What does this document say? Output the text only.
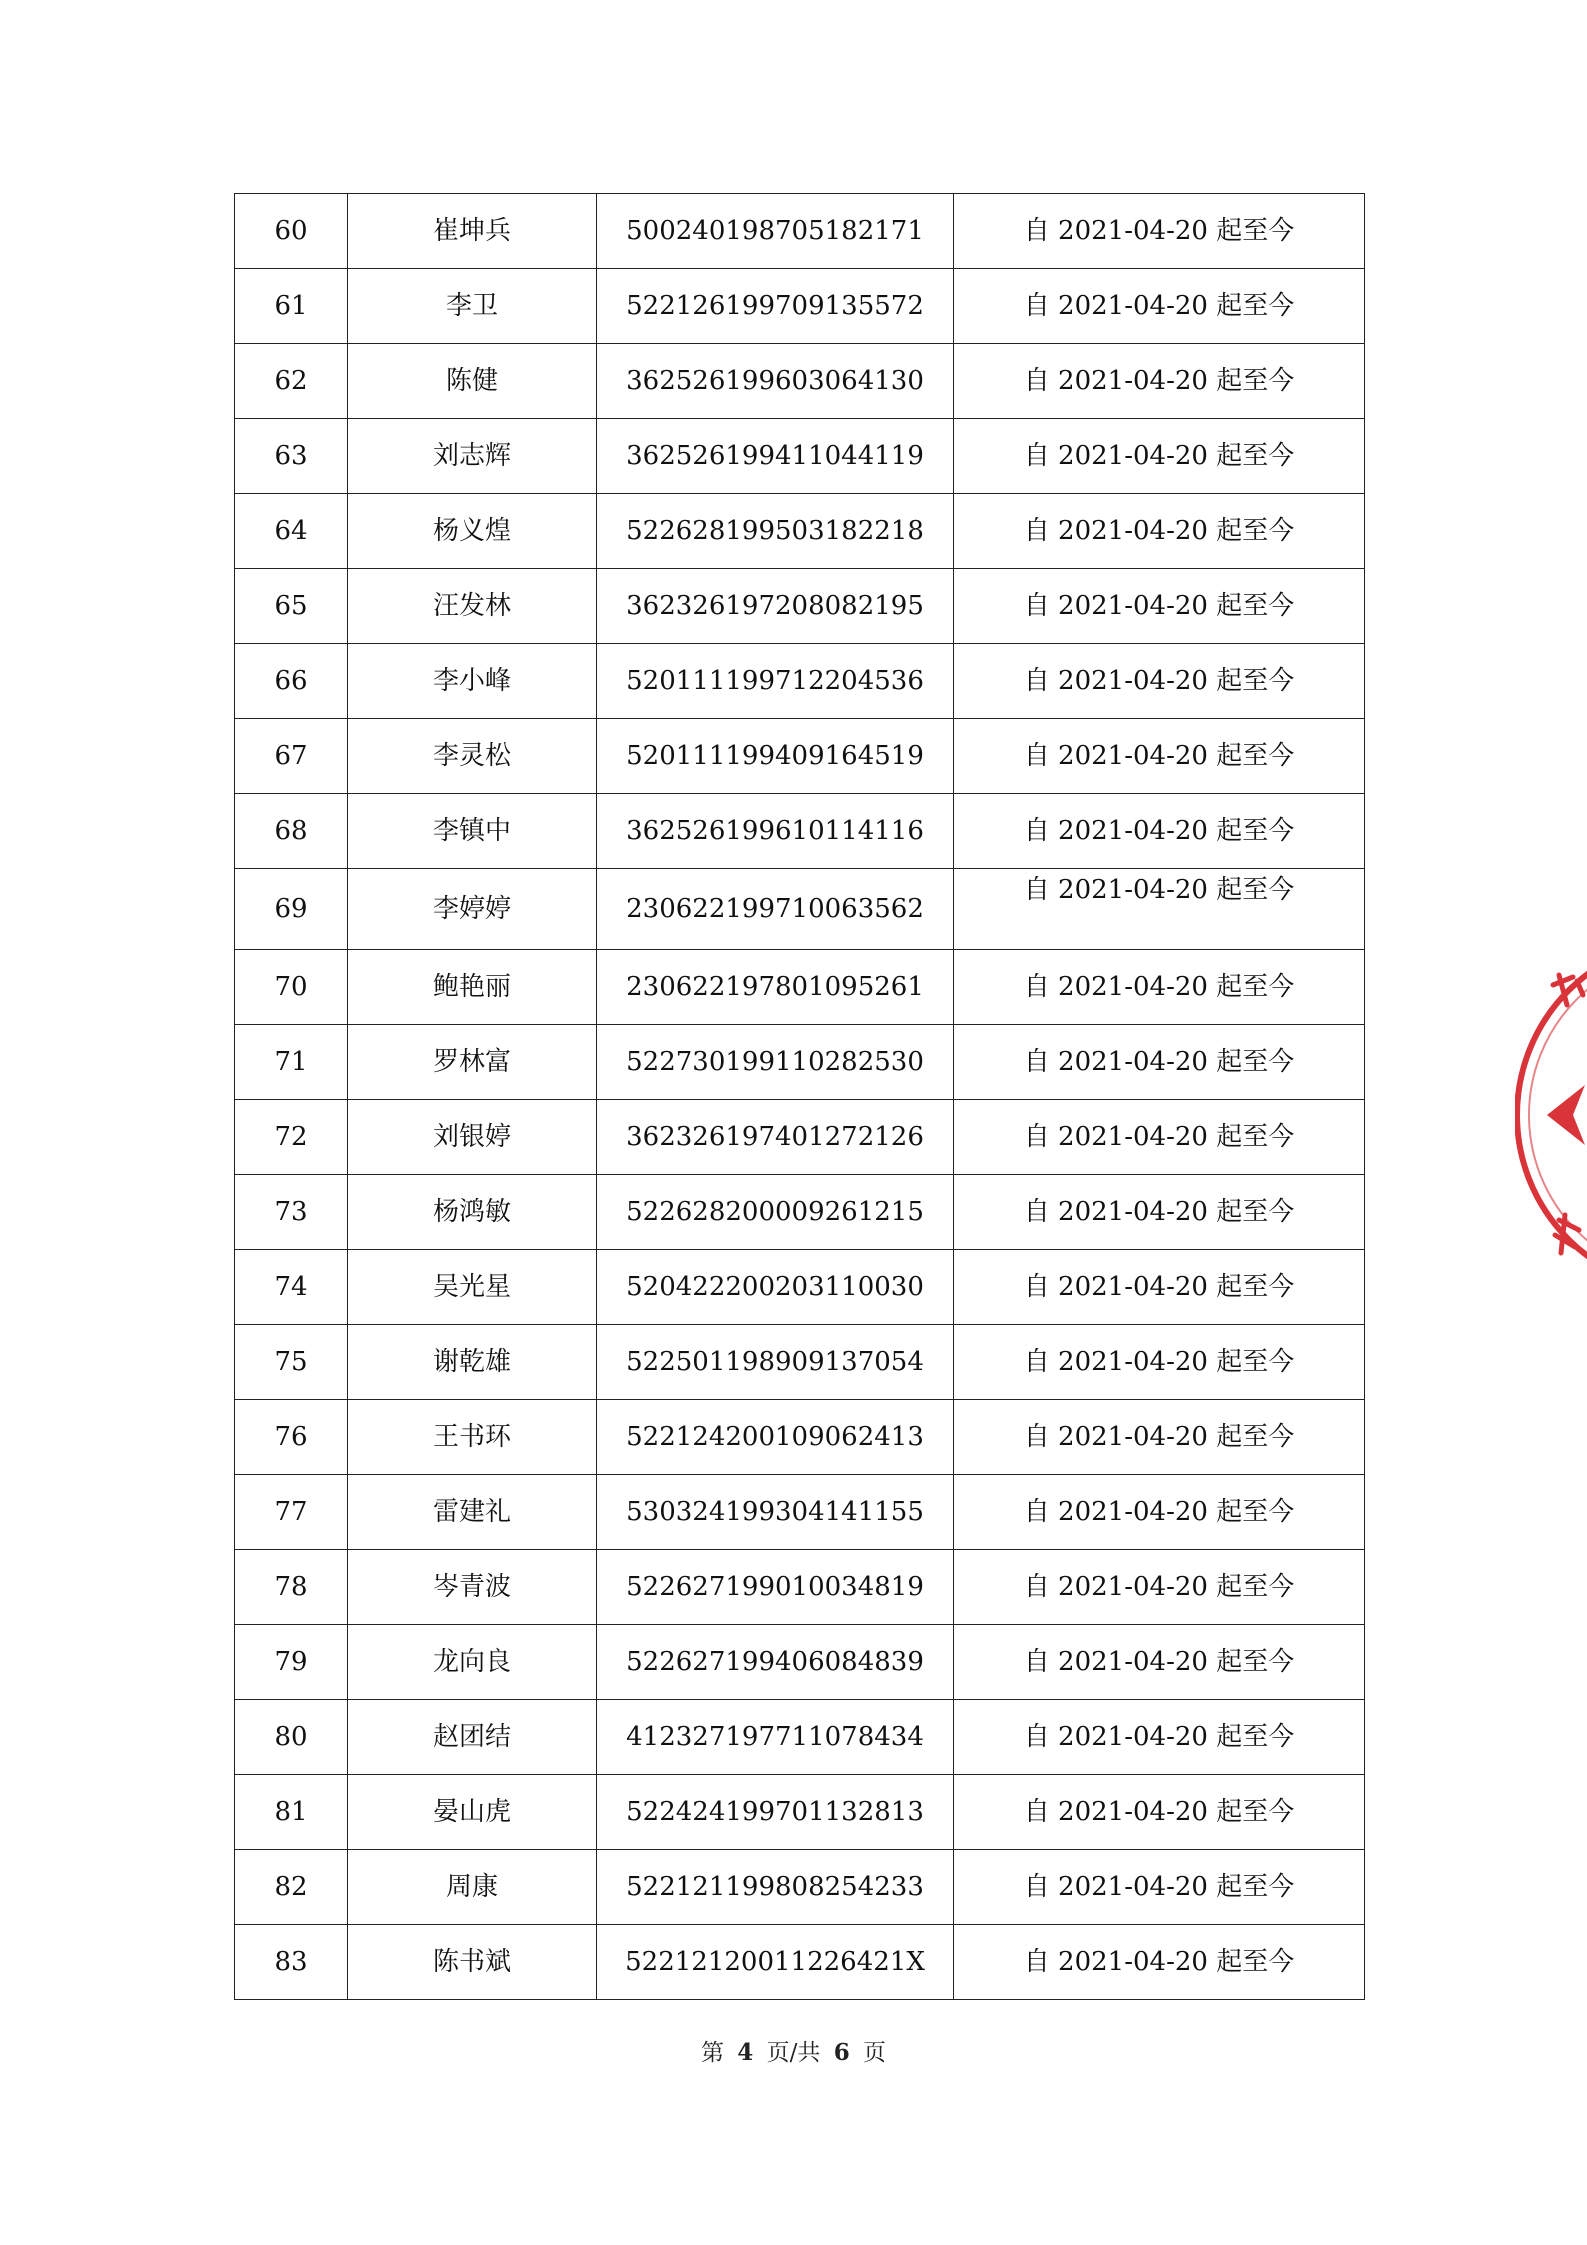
60	崔坤兵	500240198705182171	自 2021-04-20 起至今
61	李卫	522126199709135572	自 2021-04-20 起至今
62	陈健	362526199603064130	自 2021-04-20 起至今
63	刘志辉	362526199411044119	自 2021-04-20 起至今
64	杨义煌	522628199503182218	自 2021-04-20 起至今
65	汪发林	362326197208082195	自 2021-04-20 起至今
66	李小峰	520111199712204536	自 2021-04-20 起至今
67	李灵松	520111199409164519	自 2021-04-20 起至今
68	李镇中	362526199610114116	自 2021-04-20 起至今
69	李婷婷	230622199710063562	自 2021-04-20 起至今
70	鲍艳丽	230622197801095261	自 2021-04-20 起至今
71	罗林富	522730199110282530	自 2021-04-20 起至今
72	刘银婷	362326197401272126	自 2021-04-20 起至今
73	杨鸿敏	522628200009261215	自 2021-04-20 起至今
74	吴光星	520422200203110030	自 2021-04-20 起至今
75	谢乾雄	522501198909137054	自 2021-04-20 起至今
76	王书环	522124200109062413	自 2021-04-20 起至今
77	雷建礼	530324199304141155	自 2021-04-20 起至今
78	岑青波	522627199010034819	自 2021-04-20 起至今
79	龙向良	522627199406084839	自 2021-04-20 起至今
80	赵团结	412327197711078434	自 2021-04-20 起至今
81	晏山虎	522424199701132813	自 2021-04-20 起至今
82	周康	522121199808254233	自 2021-04-20 起至今
83	陈书斌	52212120011226421X	自 2021-04-20 起至今
第 4 页/共 6 页
